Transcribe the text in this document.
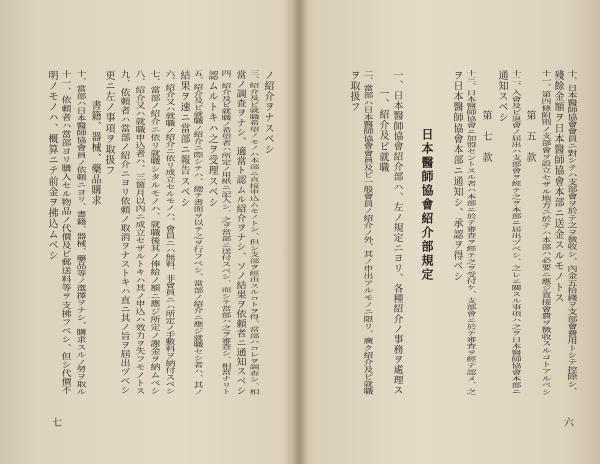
十、日本醫師協會會員ニ對シテハ支部會ヲ於テ之ヲ徴收シ、內金五拾錢ヲ支部會費用トシテ控除シ、
殘餘金額ヲ日本醫師協會本部ニ送金スルモノトス
十一、第四條附則ノ支部會ヲ設立セザル地方ニ於テハ本部ハ必要ニ應ジ直接會費ヲ徴收スルコトアルベシ
第　五　款
十二、入會及ビ退會ノ届出ハ支部會ヲ經テ之ヲ本部ニ届出ヅベシ、之レニ關スル事項ハ之ヲ日本醫師協會本部ニ
通知スベシ
第　七　款
十三、日本醫師協會ニ加盟セントスル者ハ本部ニ於テ審査ヲ經テ之ヲ受付ケ、支部會ニ於テ審査ヲ經テ認メ、之
ヲ日本醫師協會本部ニ通知シ、承認ヲ得ベシ
日本醫師協會紹介部規定
一、日本醫師協會紹介部ハ、左ノ規定ニヨリ、各種紹介ノ事務ヲ處理ス
一、紹介及ビ就職
二、當部ハ日本醫師協會會員及ビ一般會員ノ紹介ノ外、其ノ申出アルモノニ限リ、廣ク紹介及ビ就職
ヲ取扱フ
六
ノ紹介ヲナスベシ
三、紹介及ビ就職希望ノモノハ本部ニ直接申込ムモノトシ、但シ支部ヲ經由スルコトヲ得、當部ハコレヲ調查シ、相
當ノ調查ヲナシ、適當ト認ムル紹介ヲナシ、ソノ結果ヲ依頼者ニ通知スベシ
四、紹介及ビ就職ノ希望者ハ所定ノ用紙ニ記入シ、之ヲ當部ニ送付スベシ、而シテ當部ハ之ヲ審查シ、相當ナリト
認ムルトキハ之ヲ受理スベシ
五、紹介及ビ就職ノ紹介ニ際シテハ、總テ書面ヲ以テ之ヲ行フベシ、當部ノ紹介ニ應ジ就職セシ者ハ、其ノ
結果ヲ速ニ當部ニ報告スベシ
六、紹介又ハ就職ノ紹介ニ依リ成立セルモノハ、會員ニハ無料、非會員ニハ所定ノ手數料ヲ納付スベシ
七、當部ノ紹介ニ依リ就職シタルモノハ、就職後其ノ俸給ノ額ニ應ジ所定ノ謝金ヲ納ムベシ
八、紹介又ハ就職申込者ハ、三箇月以內ニ成立セザルトキハ其ノ申込ハ效力ヲ失フモノトス
九、依頼者ハ當部ノ紹介ニヨリ依頼ノ取消ヲナストキハ直ニ其ノ旨ヲ屆出ヅベシ
更ニ左ノ事項ヲ取扱フ
書籍、器械、藥品購求
十、當部ハ日本醫師協會員ノ依頼ニヨリ、書籍、器械、藥品等ノ選擇ヲナシ、購求スルノ勞ヲ取ル
十一、依頼者ハ當部ヨリ購入セル物品ノ代價及ビ郵送料等ヲ支拂フベシ、但シ代價不
明ノモノハ、概算ニテ前金ヲ拂込ムベシ
七
